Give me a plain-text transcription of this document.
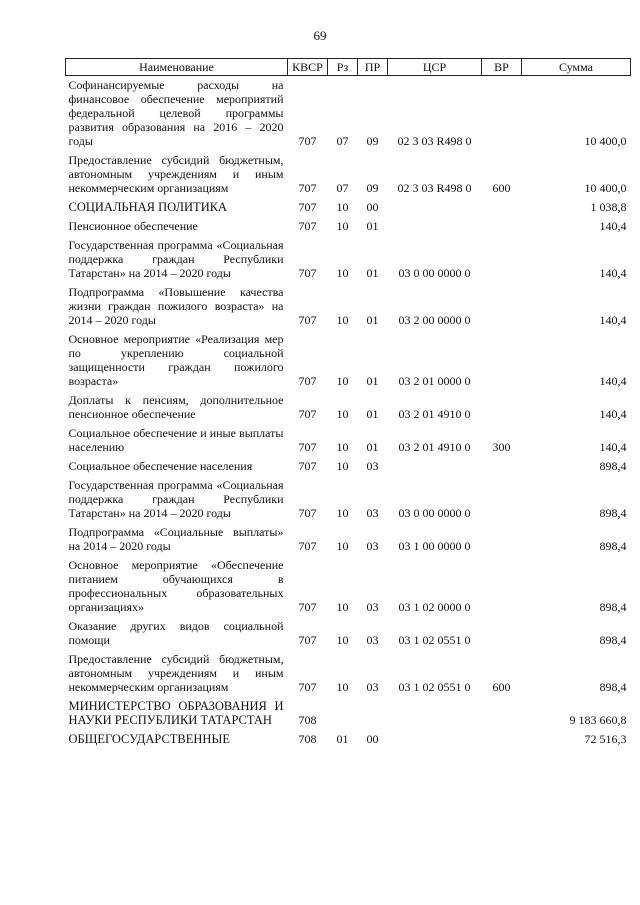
69
Наименование	КВСР	Рз	ПР	ЦСР	ВР	Сумма
Софинансируемые расходы на финансовое обеспечение мероприятий федеральной целевой программы развития образования на 2016 – 2020 годы	707	07	09	02 3 03 R498 0		10 400,0
Предоставление субсидий бюджетным, автономным учреждениям и иным некоммерческим организациям	707	07	09	02 3 03 R498 0	600	10 400,0
СОЦИАЛЬНАЯ ПОЛИТИКА	707	10	00			1 038,8
Пенсионное обеспечение	707	10	01			140,4
Государственная программа «Социальная поддержка граждан Республики Татарстан» на 2014 – 2020 годы	707	10	01	03 0 00 0000 0		140,4
Подпрограмма «Повышение качества жизни граждан пожилого возраста» на 2014 – 2020 годы	707	10	01	03 2 00 0000 0		140,4
Основное мероприятие «Реализация мер по укреплению социальной защищенности граждан пожилого возраста»	707	10	01	03 2 01 0000 0		140,4
Доплаты к пенсиям, дополнительное пенсионное обеспечение	707	10	01	03 2 01 4910 0		140,4
Социальное обеспечение и иные выплаты населению	707	10	01	03 2 01 4910 0	300	140,4
Социальное обеспечение населения	707	10	03			898,4
Государственная программа «Социальная поддержка граждан Республики Татарстан» на 2014 – 2020 годы	707	10	03	03 0 00 0000 0		898,4
Подпрограмма «Социальные выплаты» на 2014 – 2020 годы	707	10	03	03 1 00 0000 0		898,4
Основное мероприятие «Обеспечение питанием обучающихся в профессиональных образовательных организациях»	707	10	03	03 1 02 0000 0		898,4
Оказание других видов социальной помощи	707	10	03	03 1 02 0551 0		898,4
Предоставление субсидий бюджетным, автономным учреждениям и иным некоммерческим организациям	707	10	03	03 1 02 0551 0	600	898,4
МИНИСТЕРСТВО ОБРАЗОВАНИЯ И НАУКИ РЕСПУБЛИКИ ТАТАРСТАН	708					9 183 660,8
ОБЩЕГОСУДАРСТВЕННЫЕ	708	01	00			72 516,3
